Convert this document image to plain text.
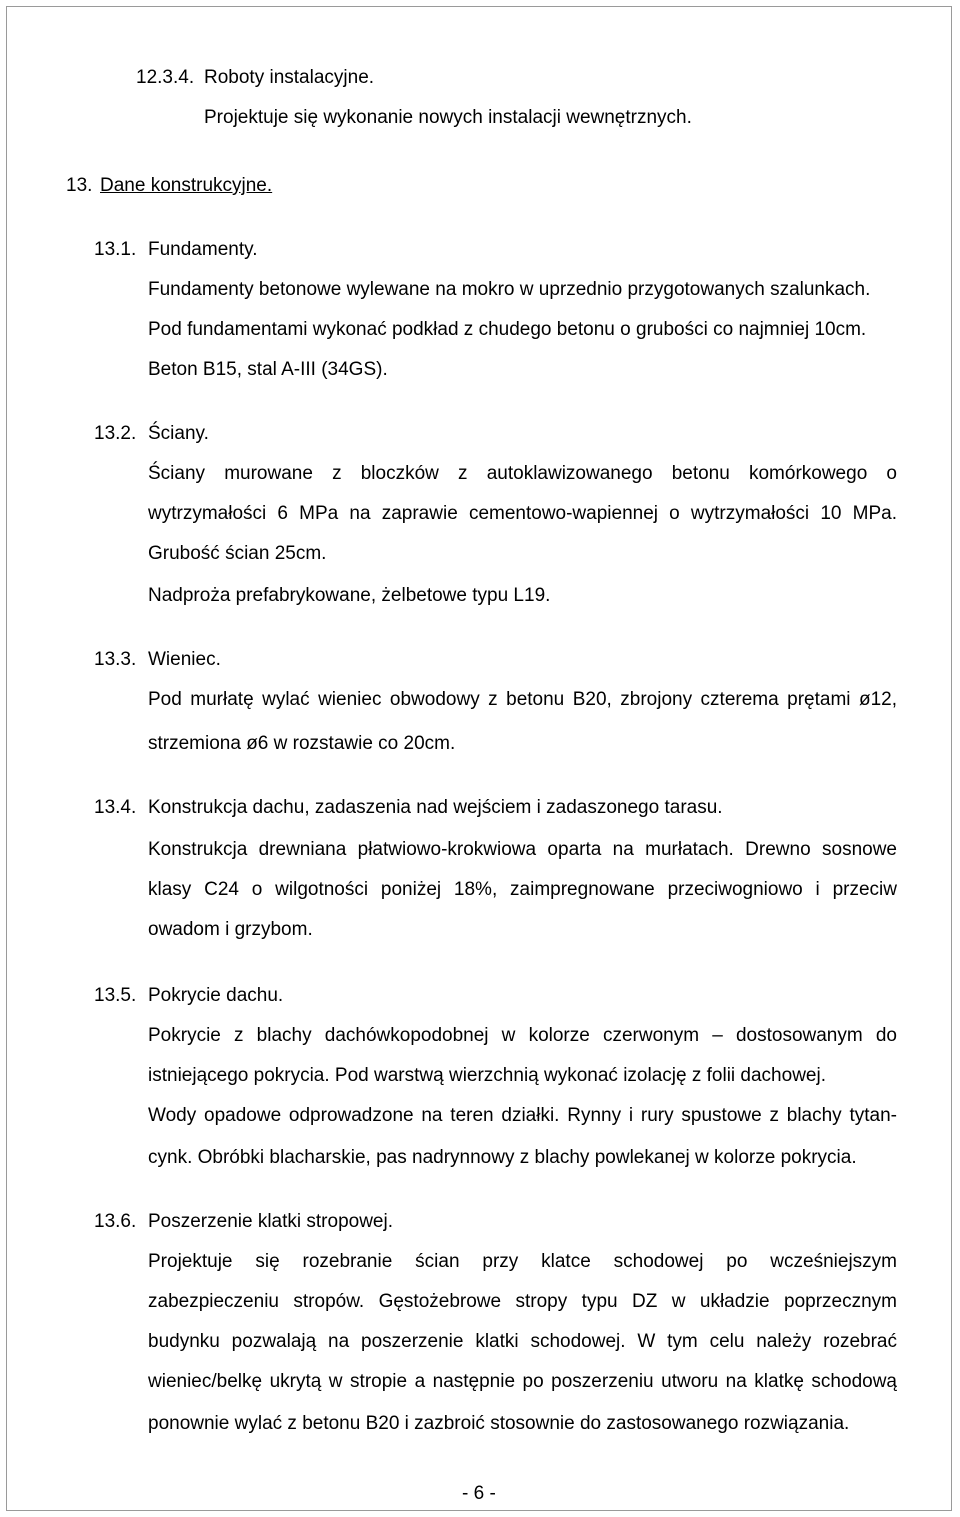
12.3.4. Roboty instalacyjne.
Projektuje się wykonanie nowych instalacji wewnętrznych.
13. Dane konstrukcyjne.
13.1. Fundamenty.
Fundamenty betonowe wylewane na mokro w uprzednio przygotowanych szalunkach.
Pod fundamentami wykonać podkład z chudego betonu o grubości co najmniej 10cm.
Beton B15, stal A-III (34GS).
13.2. Ściany.
Ściany murowane z bloczków z autoklawizowanego betonu komórkowego o
wytrzymałości 6 MPa na zaprawie cementowo-wapiennej o wytrzymałości 10 MPa.
Grubość ścian 25cm.
Nadproża prefabrykowane, żelbetowe typu L19.
13.3. Wieniec.
Pod murłatę wylać wieniec obwodowy z betonu B20, zbrojony czterema prętami ø12,
strzemiona ø6 w rozstawie co 20cm.
13.4. Konstrukcja dachu, zadaszenia nad wejściem i zadaszonego tarasu.
Konstrukcja drewniana płatwiowo-krokwiowa oparta na murłatach. Drewno sosnowe
klasy C24 o wilgotności poniżej 18%, zaimpregnowane przeciwogniowo i przeciw
owadom i grzybom.
13.5. Pokrycie dachu.
Pokrycie z blachy dachówkopodobnej w kolorze czerwonym – dostosowanym do
istniejącego pokrycia. Pod warstwą wierzchnią wykonać izolację z folii dachowej.
Wody opadowe odprowadzone na teren działki. Rynny i rury spustowe z blachy tytan-
cynk. Obróbki blacharskie, pas nadrynnowy z blachy powlekanej w kolorze pokrycia.
13.6. Poszerzenie klatki stropowej.
Projektuje się rozebranie ścian przy klatce schodowej po wcześniejszym
zabezpieczeniu stropów. Gęstożebrowe stropy typu DZ w układzie poprzecznym
budynku pozwalają na poszerzenie klatki schodowej. W tym celu należy rozebrać
wieniec/belkę ukrytą w stropie a następnie po poszerzeniu utworu na klatkę schodową
ponownie wylać z betonu B20 i zazbroić stosownie do zastosowanego rozwiązania.
- 6 -
